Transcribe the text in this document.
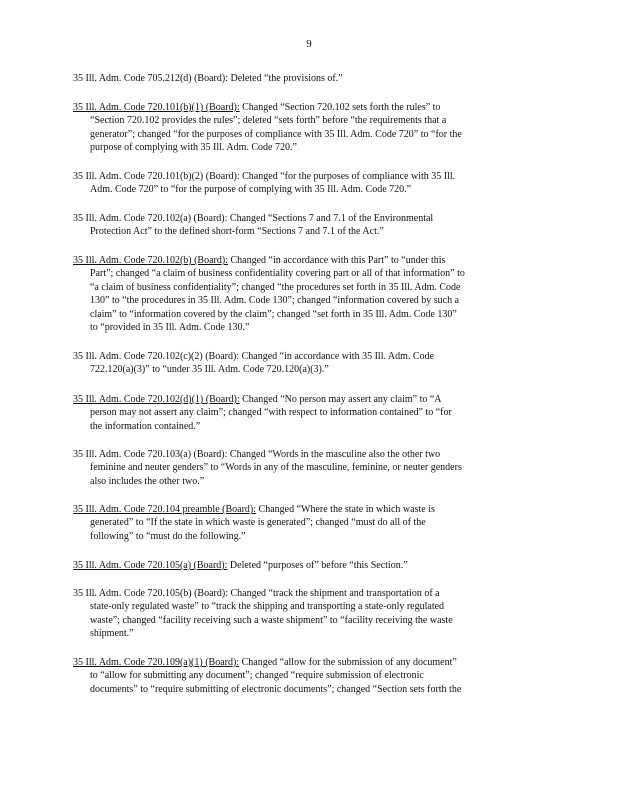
9
35 Ill. Adm. Code 705.212(d) (Board): Deleted “the provisions of.”
35 Ill. Adm. Code 720.101(b)(1) (Board): Changed “Section 720.102 sets forth the rules” to
“Section 720.102 provides the rules”; deleted “sets forth” before “the requirements that a
generator”; changed “for the purposes of compliance with 35 Ill. Adm. Code 720” to “for the
purpose of complying with 35 Ill. Adm. Code 720.”
35 Ill. Adm. Code 720.101(b)(2) (Board): Changed “for the purposes of compliance with 35 Ill.
Adm. Code 720” to “for the purpose of complying with 35 Ill. Adm. Code 720.”
35 Ill. Adm. Code 720.102(a) (Board): Changed “Sections 7 and 7.1 of the Environmental
Protection Act” to the defined short-form “Sections 7 and 7.1 of the Act.”
35 Ill. Adm. Code 720.102(b) (Board): Changed “in accordance with this Part” to “under this
Part”; changed “a claim of business confidentiality covering part or all of that information” to
“a claim of business confidentiality”; changed “the procedures set forth in 35 Ill. Adm. Code
130” to “the procedures in 35 Ill. Adm. Code 130”; changed “information covered by such a
claim” to “information covered by the claim”; changed “set forth in 35 Ill. Adm. Code 130”
to “provided in 35 Ill. Adm. Code 130.”
35 Ill. Adm. Code 720.102(c)(2) (Board): Changed “in accordance with 35 Ill. Adm. Code
722.120(a)(3)” to “under 35 Ill. Adm. Code 720.120(a)(3).”
35 Ill. Adm. Code 720.102(d)(1) (Board): Changed “No person may assert any claim” to “A
person may not assert any claim”; changed “with respect to information contained” to “for
the information contained.”
35 Ill. Adm. Code 720.103(a) (Board): Changed “Words in the masculine also the other two
feminine and neuter genders” to “Words in any of the masculine, feminine, or neuter genders
also includes the other two.”
35 Ill. Adm. Code 720.104 preamble (Board): Changed “Where the state in which waste is
generated” to “If the state in which waste is generated”; changed “must do all of the
following” to “must do the following.”
35 Ill. Adm. Code 720.105(a) (Board): Deleted “purposes of” before “this Section.”
35 Ill. Adm. Code 720.105(b) (Board): Changed “track the shipment and transportation of a
state-only regulated waste” to “track the shipping and transporting a state-only regulated
waste”; changed “facility receiving such a waste shipment” to “facility receiving the waste
shipment.”
35 Ill. Adm. Code 720.109(a)(1) (Board): Changed “allow for the submission of any document”
to “allow for submitting any document”; changed “require submission of electronic
documents” to “require submitting of electronic documents”; changed “Section sets forth the
